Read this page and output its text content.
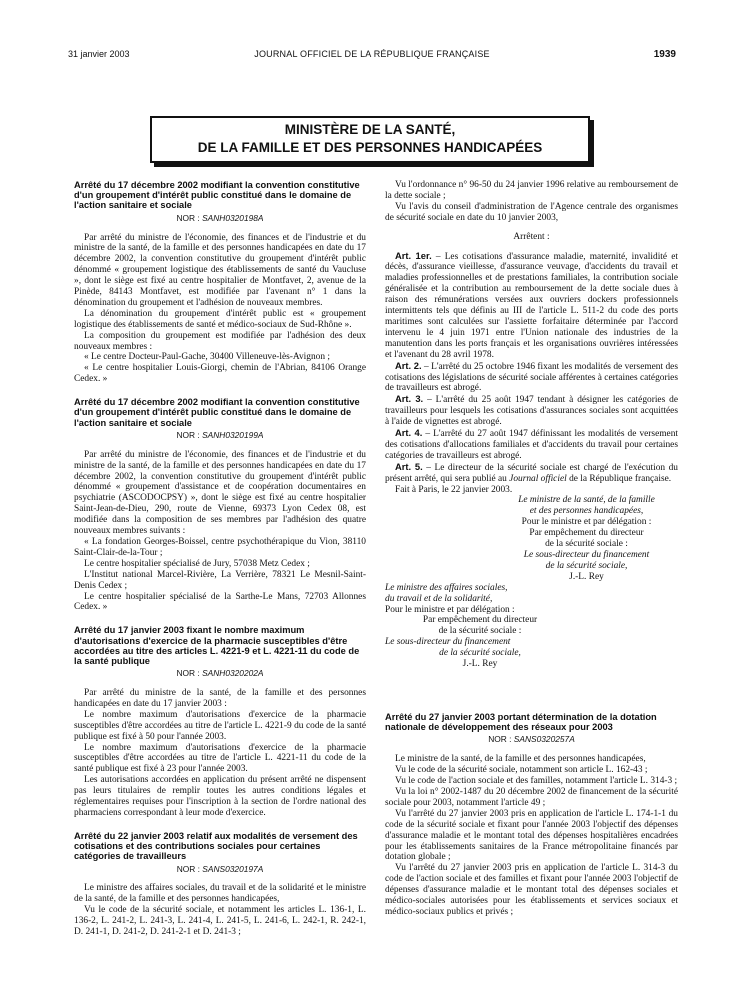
31 janvier 2003	JOURNAL OFFICIEL DE LA RÉPUBLIQUE FRANÇAISE	1939
MINISTÈRE DE LA SANTÉ,
DE LA FAMILLE ET DES PERSONNES HANDICAPÉES

Arrêté du 17 décembre 2002 modifiant la convention constitutive d'un groupement d'intérêt public constitué dans le domaine de l'action sanitaire et sociale

NOR : SANH0320198A

Par arrêté du ministre de l'économie, des finances et de l'industrie et du ministre de la santé, de la famille et des personnes handicapées en date du 17 décembre 2002, la convention constitutive du groupement d'intérêt public dénommé « groupement logistique des établissements de santé du Vaucluse », dont le siège est fixé au centre hospitalier de Montfavet, 2, avenue de la Pinède, 84143 Montfavet, est modifiée par l'avenant n° 1 dans la dénomination du groupement et l'adhésion de nouveaux membres.

La dénomination du groupement d'intérêt public est « groupement logistique des établissements de santé et médico-sociaux de Sud-Rhône ».

La composition du groupement est modifiée par l'adhésion des deux nouveaux membres :

« Le centre Docteur-Paul-Gache, 30400 Villeneuve-lès-Avignon ;

« Le centre hospitalier Louis-Giorgi, chemin de l'Abrian, 84106 Orange Cedex. »

Arrêté du 17 décembre 2002 modifiant la convention constitutive d'un groupement d'intérêt public constitué dans le domaine de l'action sanitaire et sociale

NOR : SANH0320199A

Par arrêté du ministre de l'économie, des finances et de l'industrie et du ministre de la santé, de la famille et des personnes handicapées en date du 17 décembre 2002, la convention constitutive du groupement d'intérêt public dénommé « groupement d'assistance et de coopération documentaires en psychiatrie (ASCODOCPSY) », dont le siège est fixé au centre hospitalier Saint-Jean-de-Dieu, 290, route de Vienne, 69373 Lyon Cedex 08, est modifiée dans la composition de ses membres par l'adhésion des quatre nouveaux membres suivants :

« La fondation Georges-Boissel, centre psychothérapique du Vion, 38110 Saint-Clair-de-la-Tour ;

Le centre hospitalier spécialisé de Jury, 57038 Metz Cedex ;

L'Institut national Marcel-Rivière, La Verrière, 78321 Le Mesnil-Saint-Denis Cedex ;

Le centre hospitalier spécialisé de la Sarthe-Le Mans, 72703 Allonnes Cedex. »

Arrêté du 17 janvier 2003 fixant le nombre maximum d'autorisations d'exercice de la pharmacie susceptibles d'être accordées au titre des articles L. 4221-9 et L. 4221-11 du code de la santé publique

NOR : SANH0320202A

Par arrêté du ministre de la santé, de la famille et des personnes handicapées en date du 17 janvier 2003 :

Le nombre maximum d'autorisations d'exercice de la pharmacie susceptibles d'être accordées au titre de l'article L. 4221-9 du code de la santé publique est fixé à 50 pour l'année 2003.

Le nombre maximum d'autorisations d'exercice de la pharmacie susceptibles d'être accordées au titre de l'article L. 4221-11 du code de la santé publique est fixé à 23 pour l'année 2003.

Les autorisations accordées en application du présent arrêté ne dispensent pas leurs titulaires de remplir toutes les autres conditions légales et réglementaires requises pour l'inscription à la section de l'ordre national des pharmaciens correspondant à leur mode d'exercice.

Arrêté du 22 janvier 2003 relatif aux modalités de versement des cotisations et des contributions sociales pour certaines catégories de travailleurs

NOR : SANS0320197A

Le ministre des affaires sociales, du travail et de la solidarité et le ministre de la santé, de la famille et des personnes handicapées,

Vu le code de la sécurité sociale, et notamment les articles L. 136-1, L. 136-2, L. 241-2, L. 241-3, L. 241-4, L. 241-5, L. 241-6, L. 242-1, R. 242-1, D. 241-1, D. 241-2, D. 241-2-1 et D. 241-3 ;

Vu l'ordonnance n° 96-50 du 24 janvier 1996 relative au remboursement de la dette sociale ;

Vu l'avis du conseil d'administration de l'Agence centrale des organismes de sécurité sociale en date du 10 janvier 2003,

Arrêtent :

Art. 1er. – Les cotisations d'assurance maladie, maternité, invalidité et décès, d'assurance vieillesse, d'assurance veuvage, d'accidents du travail et maladies professionnelles et de prestations familiales, la contribution sociale généralisée et la contribution au remboursement de la dette sociale dues à raison des rémunérations versées aux ouvriers dockers professionnels intermittents tels que définis au III de l'article L. 511-2 du code des ports maritimes sont calculées sur l'assiette forfaitaire déterminée par l'accord intervenu le 4 juin 1971 entre l'Union nationale des industries de la manutention dans les ports français et les organisations ouvrières intéressées et l'avenant du 28 avril 1978.

Art. 2. – L'arrêté du 25 octobre 1946 fixant les modalités de versement des cotisations des législations de sécurité sociale afférentes à certaines catégories de travailleurs est abrogé.

Art. 3. – L'arrêté du 25 août 1947 tendant à désigner les catégories de travailleurs pour lesquels les cotisations d'assurances sociales sont acquittées à l'aide de vignettes est abrogé.

Art. 4. – L'arrêté du 27 août 1947 définissant les modalités de versement des cotisations d'allocations familiales et d'accidents du travail pour certaines catégories de travailleurs est abrogé.

Art. 5. – Le directeur de la sécurité sociale est chargé de l'exécution du présent arrêté, qui sera publié au Journal officiel de la République française.

Fait à Paris, le 22 janvier 2003.

Le ministre de la santé, de la famille
et des personnes handicapées,
Pour le ministre et par délégation :
Par empêchement du directeur
de la sécurité sociale :
Le sous-directeur du financement
de la sécurité sociale,
J.-L. Rey
Le ministre des affaires sociales,
du travail et de la solidarité,
Pour le ministre et par délégation :
Par empêchement du directeur
de la sécurité sociale :
Le sous-directeur du financement
de la sécurité sociale,
J.-L. Rey

Arrêté du 27 janvier 2003 portant détermination de la dotation nationale de développement des réseaux pour 2003

NOR : SANS0320257A

Le ministre de la santé, de la famille et des personnes handicapées,

Vu le code de la sécurité sociale, notamment son article L. 162-43 ;

Vu le code de l'action sociale et des familles, notamment l'article L. 314-3 ;

Vu la loi n° 2002-1487 du 20 décembre 2002 de financement de la sécurité sociale pour 2003, notamment l'article 49 ;

Vu l'arrêté du 27 janvier 2003 pris en application de l'article L. 174-1-1 du code de la sécurité sociale et fixant pour l'année 2003 l'objectif des dépenses d'assurance maladie et le montant total des dépenses hospitalières encadrées pour les établissements sanitaires de la France métropolitaine financés par dotation globale ;

Vu l'arrêté du 27 janvier 2003 pris en application de l'article L. 314-3 du code de l'action sociale et des familles et fixant pour l'année 2003 l'objectif de dépenses d'assurance maladie et le montant total des dépenses sociales et médico-sociales autorisées pour les établissements et services sociaux et médico-sociaux publics et privés ;
